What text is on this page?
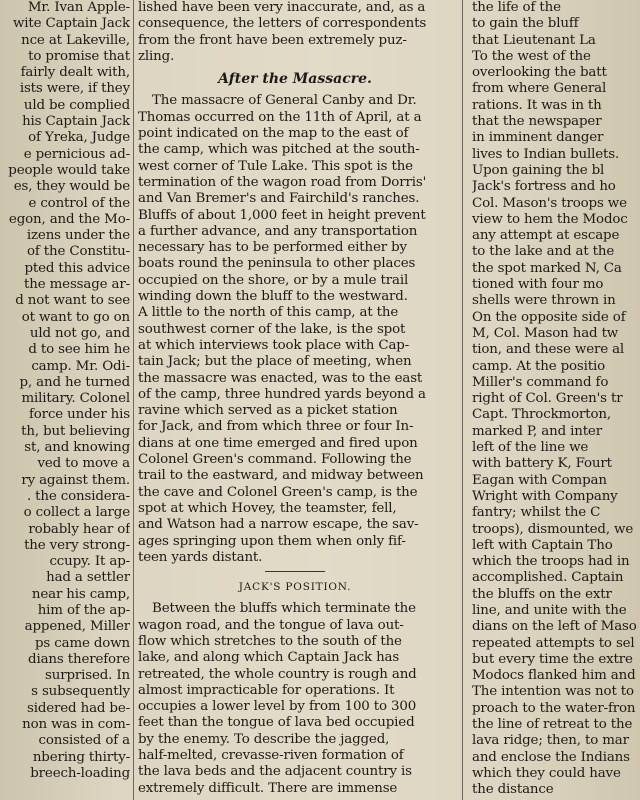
Mr. Ivan Apple-
wite Captain Jack
nce at Lakeville,
to promise that
fairly dealt with,
ists were, if they
uld be complied
his Captain Jack
of Yreka, Judge
e pernicious ad-
people would take
es, they would be
e control of the
egon, and the Mo-
izens under the
of the Constitu-
pted this advice
the message ar-
d not want to see
ot want to go on
uld not go, and
d to see him he
camp. Mr. Odi-
p, and he turned
military. Colonel
force under his
th, but believing
st, and knowing
ved to move a
ry against them.
. the considera-
o collect a large
robably hear of
the very strong-
ccupy. It ap-
had a settler
near his camp,
him of the ap-
appened, Miller
ps came down
dians therefore
surprised. In
s subsequently
sidered had be-
non was in com-
consisted of a
nbering thirty-
breech-loading
lished have been very inaccurate, and, as a
consequence, the letters of correspondents
from the front have been extremely puz-
zling.
After the Massacre.
The massacre of General Canby and Dr.
Thomas occurred on the 11th of April, at a
point indicated on the map to the east of
the camp, which was pitched at the south-
west corner of Tule Lake. This spot is the
termination of the wagon road from Dorris'
and Van Bremer's and Fairchild's ranches.
Bluffs of about 1,000 feet in height prevent
a further advance, and any transportation
necessary has to be performed either by
boats round the peninsula to other places
occupied on the shore, or by a mule trail
winding down the bluff to the westward.
A little to the north of this camp, at the
southwest corner of the lake, is the spot
at which interviews took place with Cap-
tain Jack; but the place of meeting, when
the massacre was enacted, was to the east
of the camp, three hundred yards beyond a
ravine which served as a picket station
for Jack, and from which three or four In-
dians at one time emerged and fired upon
Colonel Green's command. Following the
trail to the eastward, and midway between
the cave and Colonel Green's camp, is the
spot at which Hovey, the teamster, fell,
and Watson had a narrow escape, the sav-
ages springing upon them when only fif-
teen yards distant.
JACK'S POSITION.
Between the bluffs which terminate the
wagon road, and the tongue of lava out-
flow which stretches to the south of the
lake, and along which Captain Jack has
retreated, the whole country is rough and
almost impracticable for operations. It
occupies a lower level by from 100 to 300
feet than the tongue of lava bed occupied
by the enemy. To describe the jagged,
half-melted, crevasse-riven formation of
the lava beds and the adjacent country is
extremely difficult. There are immense
the life of the
to gain the bluff
that Lieutenant La
To the west of the
overlooking the batt
from where General
rations. It was in th
that the newspaper
in imminent danger
lives to Indian bullets.
Upon gaining the bl
Jack's fortress and ho
Col. Mason's troops we
view to hem the Modoc
any attempt at escape
to the lake and at the
the spot marked N, Ca
tioned with four mo
shells were thrown in
On the opposite side of
M, Col. Mason had tw
tion, and these were al
camp. At the positio
Miller's command fo
right of Col. Green's tr
Capt. Throckmorton,
marked P, and inter
left of the line we
with battery K, Fourt
Eagan with Compan
Wright with Company
fantry; whilst the C
troops), dismounted, we
left with Captain Tho
which the troops had in
accomplished. Captain
the bluffs on the extr
line, and unite with the
dians on the left of Maso
repeated attempts to sel
but every time the extre
Modocs flanked him and
The intention was not to
proach to the water-fron
the line of retreat to the
lava ridge; then, to mar
and enclose the Indians
which they could have
the distance
